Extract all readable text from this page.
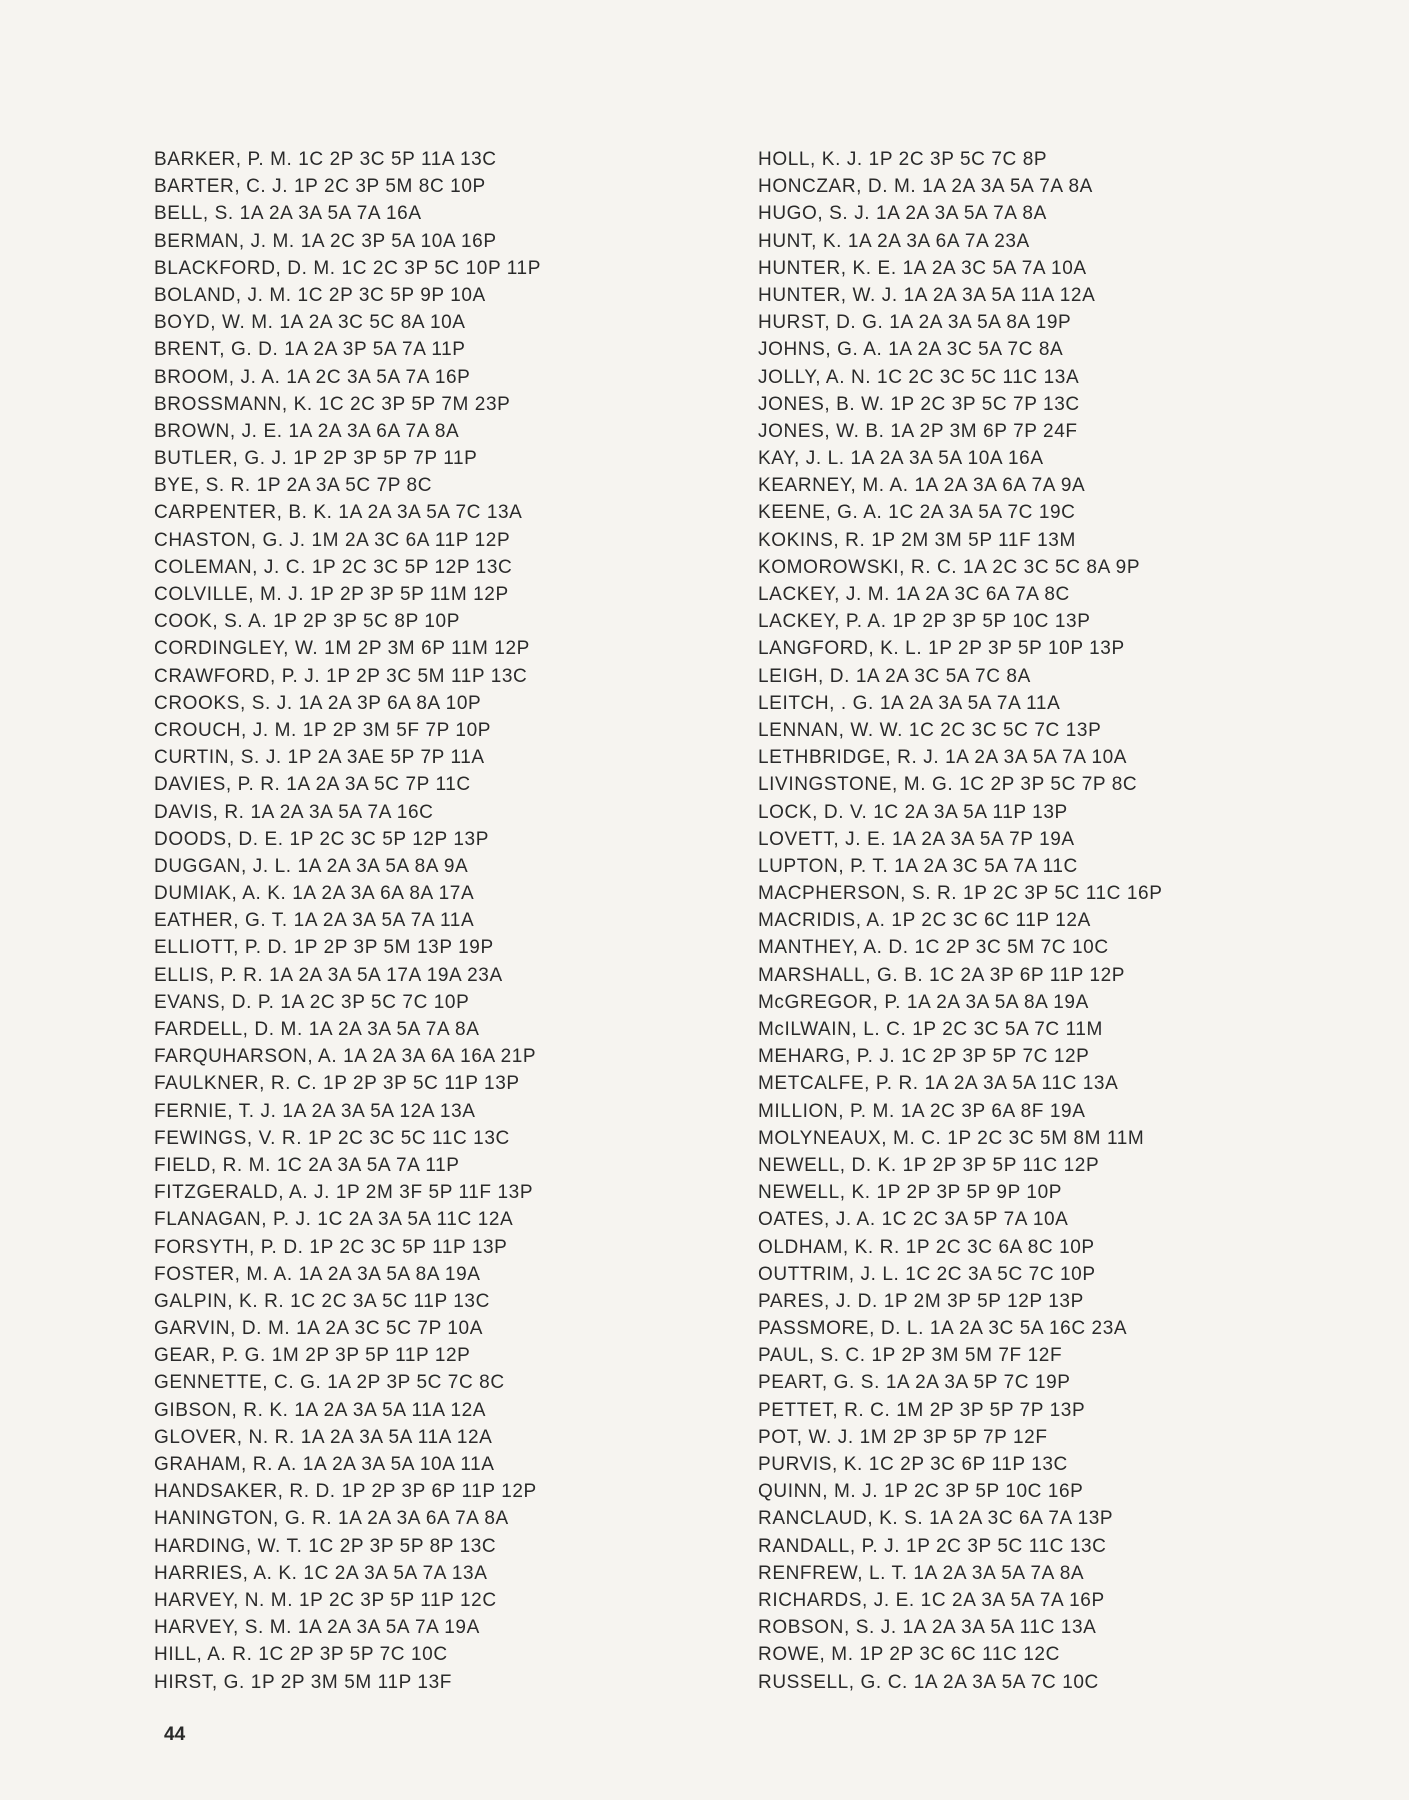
BARKER, P. M. 1C 2P 3C 5P 11A 13C
BARTER, C. J. 1P 2C 3P 5M 8C 10P
BELL, S. 1A 2A 3A 5A 7A 16A
BERMAN, J. M. 1A 2C 3P 5A 10A 16P
BLACKFORD, D. M. 1C 2C 3P 5C 10P 11P
BOLAND, J. M. 1C 2P 3C 5P 9P 10A
BOYD, W. M. 1A 2A 3C 5C 8A 10A
BRENT, G. D. 1A 2A 3P 5A 7A 11P
BROOM, J. A. 1A 2C 3A 5A 7A 16P
BROSSMANN, K. 1C 2C 3P 5P 7M 23P
BROWN, J. E. 1A 2A 3A 6A 7A 8A
BUTLER, G. J. 1P 2P 3P 5P 7P 11P
BYE, S. R. 1P 2A 3A 5C 7P 8C
CARPENTER, B. K. 1A 2A 3A 5A 7C 13A
CHASTON, G. J. 1M 2A 3C 6A 11P 12P
COLEMAN, J. C. 1P 2C 3C 5P 12P 13C
COLVILLE, M. J. 1P 2P 3P 5P 11M 12P
COOK, S. A. 1P 2P 3P 5C 8P 10P
CORDINGLEY, W. 1M 2P 3M 6P 11M 12P
CRAWFORD, P. J. 1P 2P 3C 5M 11P 13C
CROOKS, S. J. 1A 2A 3P 6A 8A 10P
CROUCH, J. M. 1P 2P 3M 5F 7P 10P
CURTIN, S. J. 1P 2A 3AE 5P 7P 11A
DAVIES, P. R. 1A 2A 3A 5C 7P 11C
DAVIS, R. 1A 2A 3A 5A 7A 16C
DOODS, D. E. 1P 2C 3C 5P 12P 13P
DUGGAN, J. L. 1A 2A 3A 5A 8A 9A
DUMIAK, A. K. 1A 2A 3A 6A 8A 17A
EATHER, G. T. 1A 2A 3A 5A 7A 11A
ELLIOTT, P. D. 1P 2P 3P 5M 13P 19P
ELLIS, P. R. 1A 2A 3A 5A 17A 19A 23A
EVANS, D. P. 1A 2C 3P 5C 7C 10P
FARDELL, D. M. 1A 2A 3A 5A 7A 8A
FARQUHARSON, A. 1A 2A 3A 6A 16A 21P
FAULKNER, R. C. 1P 2P 3P 5C 11P 13P
FERNIE, T. J. 1A 2A 3A 5A 12A 13A
FEWINGS, V. R. 1P 2C 3C 5C 11C 13C
FIELD, R. M. 1C 2A 3A 5A 7A 11P
FITZGERALD, A. J. 1P 2M 3F 5P 11F 13P
FLANAGAN, P. J. 1C 2A 3A 5A 11C 12A
FORSYTH, P. D. 1P 2C 3C 5P 11P 13P
FOSTER, M. A. 1A 2A 3A 5A 8A 19A
GALPIN, K. R. 1C 2C 3A 5C 11P 13C
GARVIN, D. M. 1A 2A 3C 5C 7P 10A
GEAR, P. G. 1M 2P 3P 5P 11P 12P
GENNETTE, C. G. 1A 2P 3P 5C 7C 8C
GIBSON, R. K. 1A 2A 3A 5A 11A 12A
GLOVER, N. R. 1A 2A 3A 5A 11A 12A
GRAHAM, R. A. 1A 2A 3A 5A 10A 11A
HANDSAKER, R. D. 1P 2P 3P 6P 11P 12P
HANINGTON, G. R. 1A 2A 3A 6A 7A 8A
HARDING, W. T. 1C 2P 3P 5P 8P 13C
HARRIES, A. K. 1C 2A 3A 5A 7A 13A
HARVEY, N. M. 1P 2C 3P 5P 11P 12C
HARVEY, S. M. 1A 2A 3A 5A 7A 19A
HILL, A. R. 1C 2P 3P 5P 7C 10C
HIRST, G. 1P 2P 3M 5M 11P 13F
HOLL, K. J. 1P 2C 3P 5C 7C 8P
HONCZAR, D. M. 1A 2A 3A 5A 7A 8A
HUGO, S. J. 1A 2A 3A 5A 7A 8A
HUNT, K. 1A 2A 3A 6A 7A 23A
HUNTER, K. E. 1A 2A 3C 5A 7A 10A
HUNTER, W. J. 1A 2A 3A 5A 11A 12A
HURST, D. G. 1A 2A 3A 5A 8A 19P
JOHNS, G. A. 1A 2A 3C 5A 7C 8A
JOLLY, A. N. 1C 2C 3C 5C 11C 13A
JONES, B. W. 1P 2C 3P 5C 7P 13C
JONES, W. B. 1A 2P 3M 6P 7P 24F
KAY, J. L. 1A 2A 3A 5A 10A 16A
KEARNEY, M. A. 1A 2A 3A 6A 7A 9A
KEENE, G. A. 1C 2A 3A 5A 7C 19C
KOKINS, R. 1P 2M 3M 5P 11F 13M
KOMOROWSKI, R. C. 1A 2C 3C 5C 8A 9P
LACKEY, J. M. 1A 2A 3C 6A 7A 8C
LACKEY, P. A. 1P 2P 3P 5P 10C 13P
LANGFORD, K. L. 1P 2P 3P 5P 10P 13P
LEIGH, D. 1A 2A 3C 5A 7C 8A
LEITCH, . G. 1A 2A 3A 5A 7A 11A
LENNAN, W. W. 1C 2C 3C 5C 7C 13P
LETHBRIDGE, R. J. 1A 2A 3A 5A 7A 10A
LIVINGSTONE, M. G. 1C 2P 3P 5C 7P 8C
LOCK, D. V. 1C 2A 3A 5A 11P 13P
LOVETT, J. E. 1A 2A 3A 5A 7P 19A
LUPTON, P. T. 1A 2A 3C 5A 7A 11C
MACPHERSON, S. R. 1P 2C 3P 5C 11C 16P
MACRIDIS, A. 1P 2C 3C 6C 11P 12A
MANTHEY, A. D. 1C 2P 3C 5M 7C 10C
MARSHALL, G. B. 1C 2A 3P 6P 11P 12P
McGREGOR, P. 1A 2A 3A 5A 8A 19A
McILWAIN, L. C. 1P 2C 3C 5A 7C 11M
MEHARG, P. J. 1C 2P 3P 5P 7C 12P
METCALFE, P. R. 1A 2A 3A 5A 11C 13A
MILLION, P. M. 1A 2C 3P 6A 8F 19A
MOLYNEAUX, M. C. 1P 2C 3C 5M 8M 11M
NEWELL, D. K. 1P 2P 3P 5P 11C 12P
NEWELL, K. 1P 2P 3P 5P 9P 10P
OATES, J. A. 1C 2C 3A 5P 7A 10A
OLDHAM, K. R. 1P 2C 3C 6A 8C 10P
OUTTRIM, J. L. 1C 2C 3A 5C 7C 10P
PARES, J. D. 1P 2M 3P 5P 12P 13P
PASSMORE, D. L. 1A 2A 3C 5A 16C 23A
PAUL, S. C. 1P 2P 3M 5M 7F 12F
PEART, G. S. 1A 2A 3A 5P 7C 19P
PETTET, R. C. 1M 2P 3P 5P 7P 13P
POT, W. J. 1M 2P 3P 5P 7P 12F
PURVIS, K. 1C 2P 3C 6P 11P 13C
QUINN, M. J. 1P 2C 3P 5P 10C 16P
RANCLAUD, K. S. 1A 2A 3C 6A 7A 13P
RANDALL, P. J. 1P 2C 3P 5C 11C 13C
RENFREW, L. T. 1A 2A 3A 5A 7A 8A
RICHARDS, J. E. 1C 2A 3A 5A 7A 16P
ROBSON, S. J. 1A 2A 3A 5A 11C 13A
ROWE, M. 1P 2P 3C 6C 11C 12C
RUSSELL, G. C. 1A 2A 3A 5A 7C 10C
44
